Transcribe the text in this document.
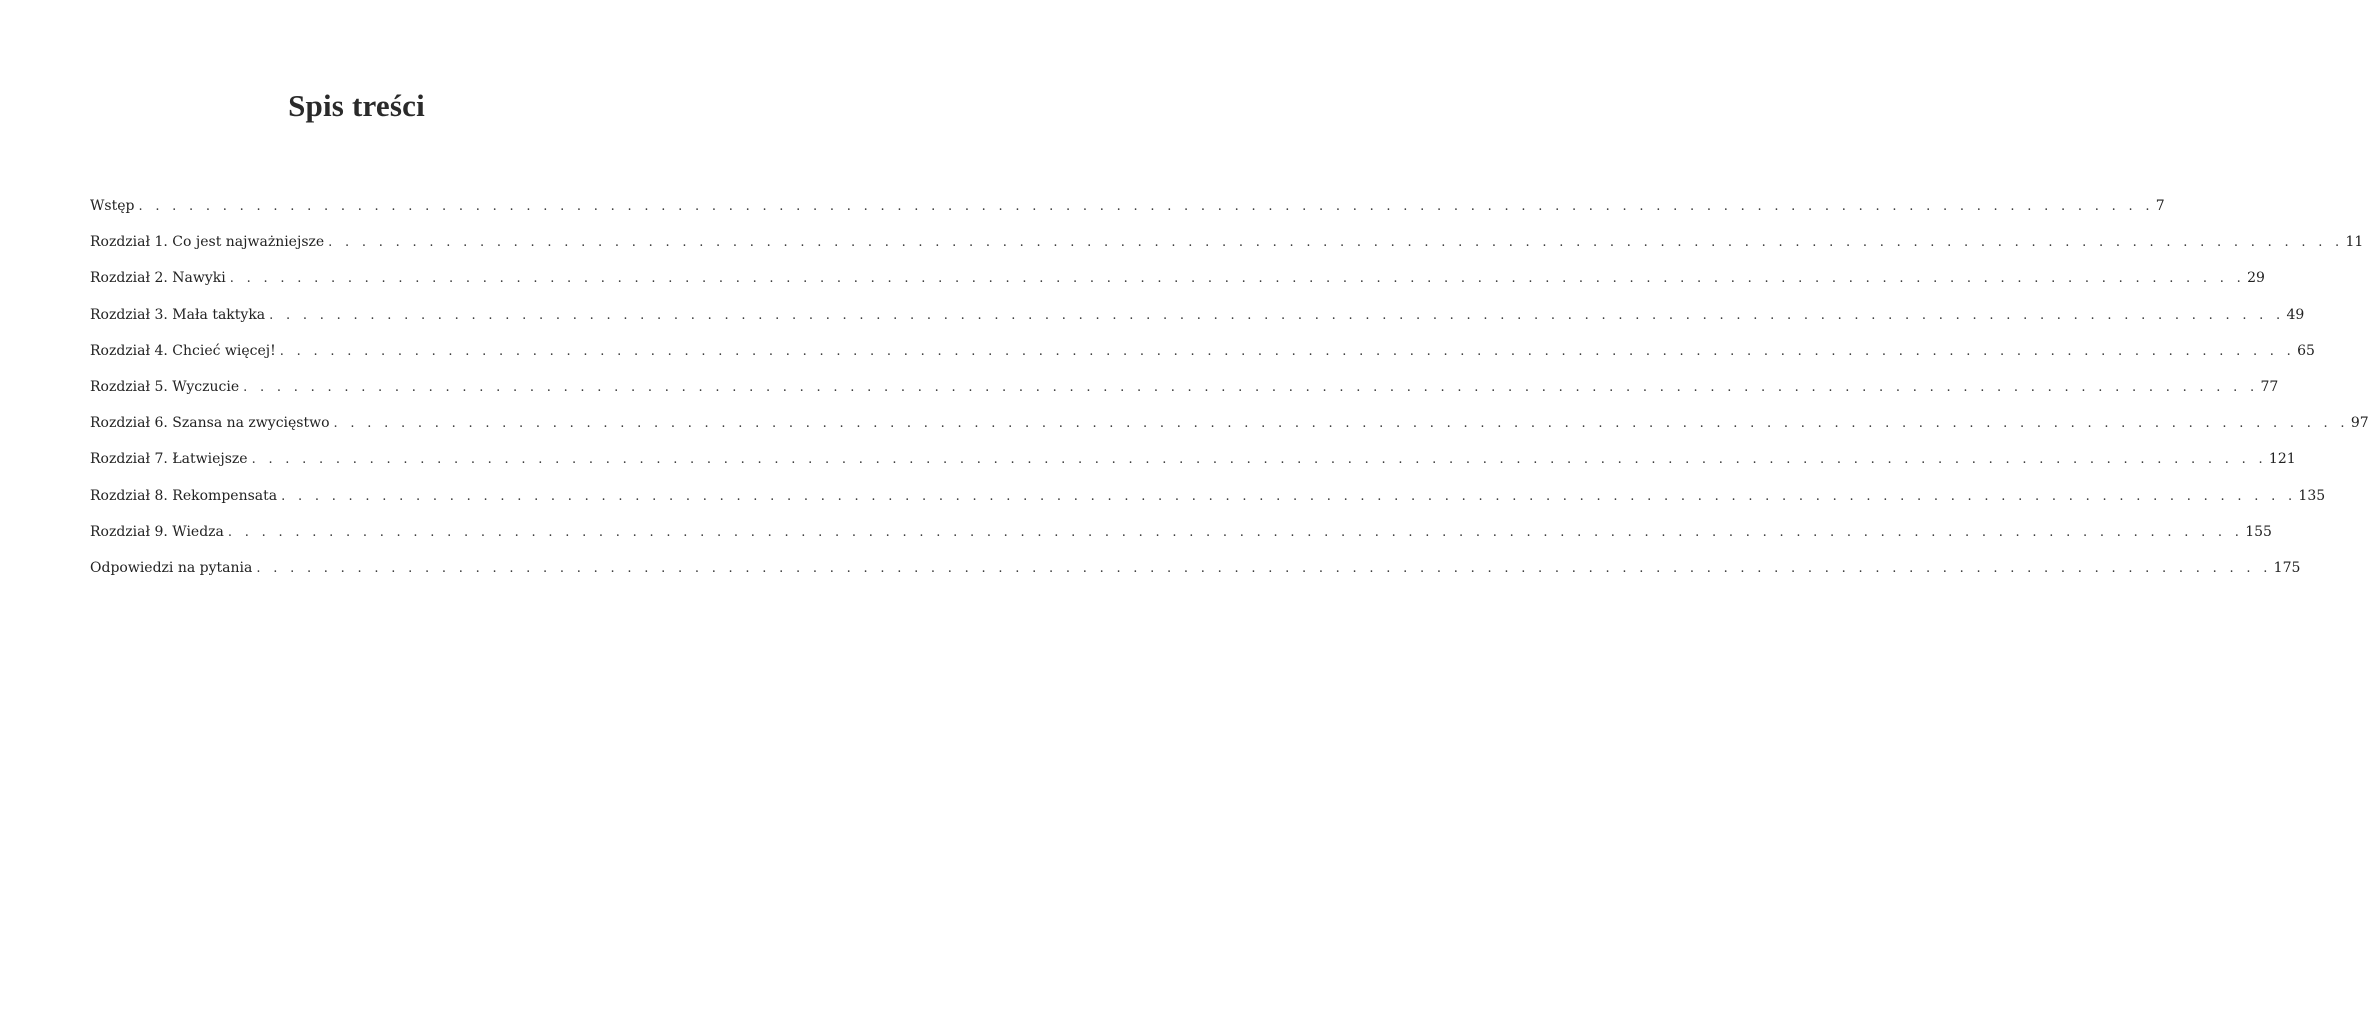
Spis treści
Wstęp . . . . . . . . . . . . . . . . . . . . . . . . . . . . . . . . . . . . . . . . . . . . . . . . . . . . . . . . . . . . . . . . . . . . . . . . . . . . . . . . . . . . . . . . . . . . . . . . . . . . . . . . . . . . . . . . . . . . . . . . 7
Rozdział 1. Co jest najważniejsze . . . . . . . . . . . . . . . . . . . . . . . . . . . . . . . . . . . . . . . . . . . . . . . . . . . . . . . . . . . . . . . . . . . . . . . . . . . . . . . . . . . . . . . . . . . . . . . . . . . . . . . . . . . . . . . . . . . . . . . . 11
Rozdział 2. Nawyki . . . . . . . . . . . . . . . . . . . . . . . . . . . . . . . . . . . . . . . . . . . . . . . . . . . . . . . . . . . . . . . . . . . . . . . . . . . . . . . . . . . . . . . . . . . . . . . . . . . . . . . . . . . . . . . . . . . . . . . . 29
Rozdział 3. Mała taktyka . . . . . . . . . . . . . . . . . . . . . . . . . . . . . . . . . . . . . . . . . . . . . . . . . . . . . . . . . . . . . . . . . . . . . . . . . . . . . . . . . . . . . . . . . . . . . . . . . . . . . . . . . . . . . . . . . . . . . . . . 49
Rozdział 4. Chcieć więcej! . . . . . . . . . . . . . . . . . . . . . . . . . . . . . . . . . . . . . . . . . . . . . . . . . . . . . . . . . . . . . . . . . . . . . . . . . . . . . . . . . . . . . . . . . . . . . . . . . . . . . . . . . . . . . . . . . . . . . . . . 65
Rozdział 5. Wyczucie . . . . . . . . . . . . . . . . . . . . . . . . . . . . . . . . . . . . . . . . . . . . . . . . . . . . . . . . . . . . . . . . . . . . . . . . . . . . . . . . . . . . . . . . . . . . . . . . . . . . . . . . . . . . . . . . . . . . . . . . 77
Rozdział 6. Szansa na zwycięstwo . . . . . . . . . . . . . . . . . . . . . . . . . . . . . . . . . . . . . . . . . . . . . . . . . . . . . . . . . . . . . . . . . . . . . . . . . . . . . . . . . . . . . . . . . . . . . . . . . . . . . . . . . . . . . . . . . . . . . . . . 97
Rozdział 7. Łatwiejsze . . . . . . . . . . . . . . . . . . . . . . . . . . . . . . . . . . . . . . . . . . . . . . . . . . . . . . . . . . . . . . . . . . . . . . . . . . . . . . . . . . . . . . . . . . . . . . . . . . . . . . . . . . . . . . . . . . . . . . . . 121
Rozdział 8. Rekompensata . . . . . . . . . . . . . . . . . . . . . . . . . . . . . . . . . . . . . . . . . . . . . . . . . . . . . . . . . . . . . . . . . . . . . . . . . . . . . . . . . . . . . . . . . . . . . . . . . . . . . . . . . . . . . . . . . . . . . . . . 135
Rozdział 9. Wiedza . . . . . . . . . . . . . . . . . . . . . . . . . . . . . . . . . . . . . . . . . . . . . . . . . . . . . . . . . . . . . . . . . . . . . . . . . . . . . . . . . . . . . . . . . . . . . . . . . . . . . . . . . . . . . . . . . . . . . . . . 155
Odpowiedzi na pytania . . . . . . . . . . . . . . . . . . . . . . . . . . . . . . . . . . . . . . . . . . . . . . . . . . . . . . . . . . . . . . . . . . . . . . . . . . . . . . . . . . . . . . . . . . . . . . . . . . . . . . . . . . . . . . . . . . . . . . . . 175
